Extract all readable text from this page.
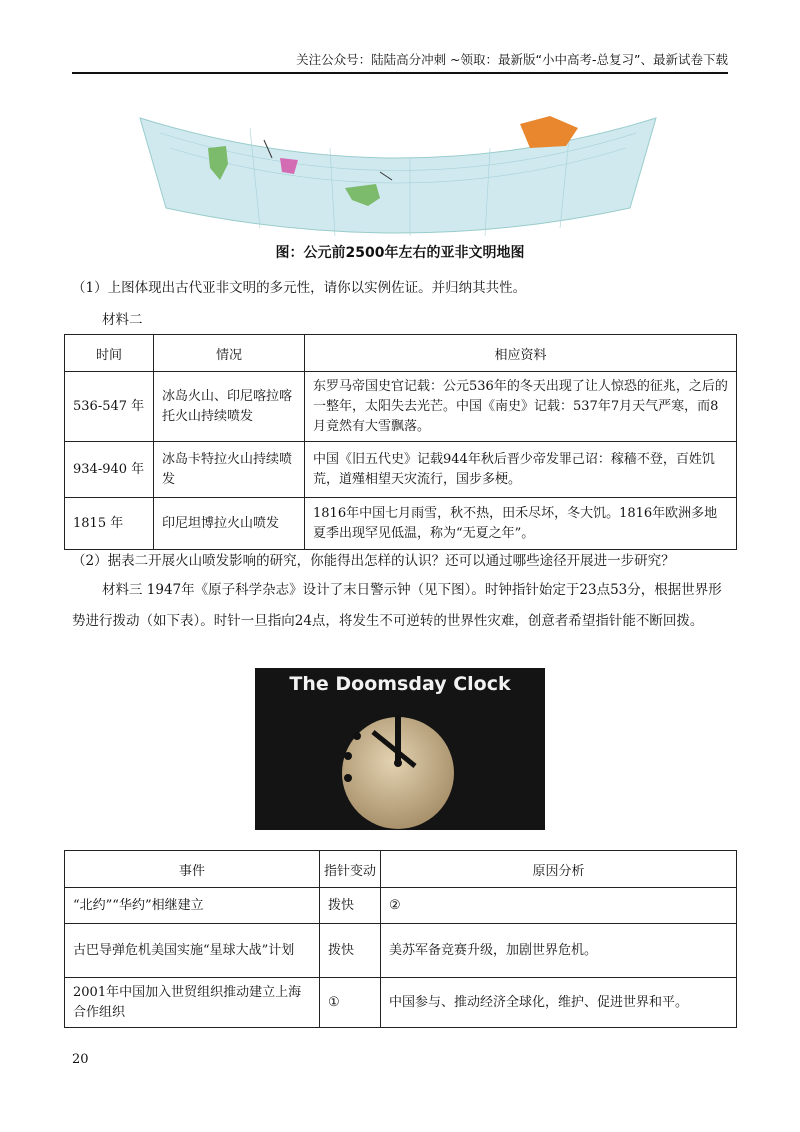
关注公众号：陆陆高分冲刺 ~领取：最新版“小中高考-总复习”、最新试卷下载
图：公元前2500年左右的亚非文明地图
（1）上图体现出古代亚非文明的多元性，请你以实例佐证。并归纳其共性。
材料二
时间	情况	相应资料
536-547 年	冰岛火山、印尼喀拉喀托火山持续喷发	东罗马帝国史官记载：公元536年的冬天出现了让人惊恐的征兆，之后的一整年，太阳失去光芒。中国《南史》记载：537年7月天气严寒，而8月竟然有大雪飘落。
934-940 年	冰岛卡特拉火山持续喷发	中国《旧五代史》记载944年秋后晋少帝发罪己诏：稼穑不登，百姓饥荒，道殣相望天灾流行，国步多梗。
1815 年	印尼坦博拉火山喷发	1816年中国七月雨雪，秋不热，田禾尽坏，冬大饥。1816年欧洲多地夏季出现罕见低温，称为“无夏之年”。
（2）据表二开展火山喷发影响的研究，你能得出怎样的认识？还可以通过哪些途径开展进一步研究？
材料三 1947年《原子科学杂志》设计了末日警示钟（见下图）。时钟指针始定于23点53分，根据世界形势进行拨动（如下表）。时针一旦指向24点，将发生不可逆转的世界性灾难，创意者希望指针能不断回拨。
The Doomsday Clock
事件	指针变动	原因分析
“北约”“华约”相继建立	拨快	②
古巴导弹危机美国实施“星球大战”计划	拨快	美苏军备竞赛升级，加剧世界危机。
2001年中国加入世贸组织推动建立上海合作组织	①	中国参与、推动经济全球化，维护、促进世界和平。
20
